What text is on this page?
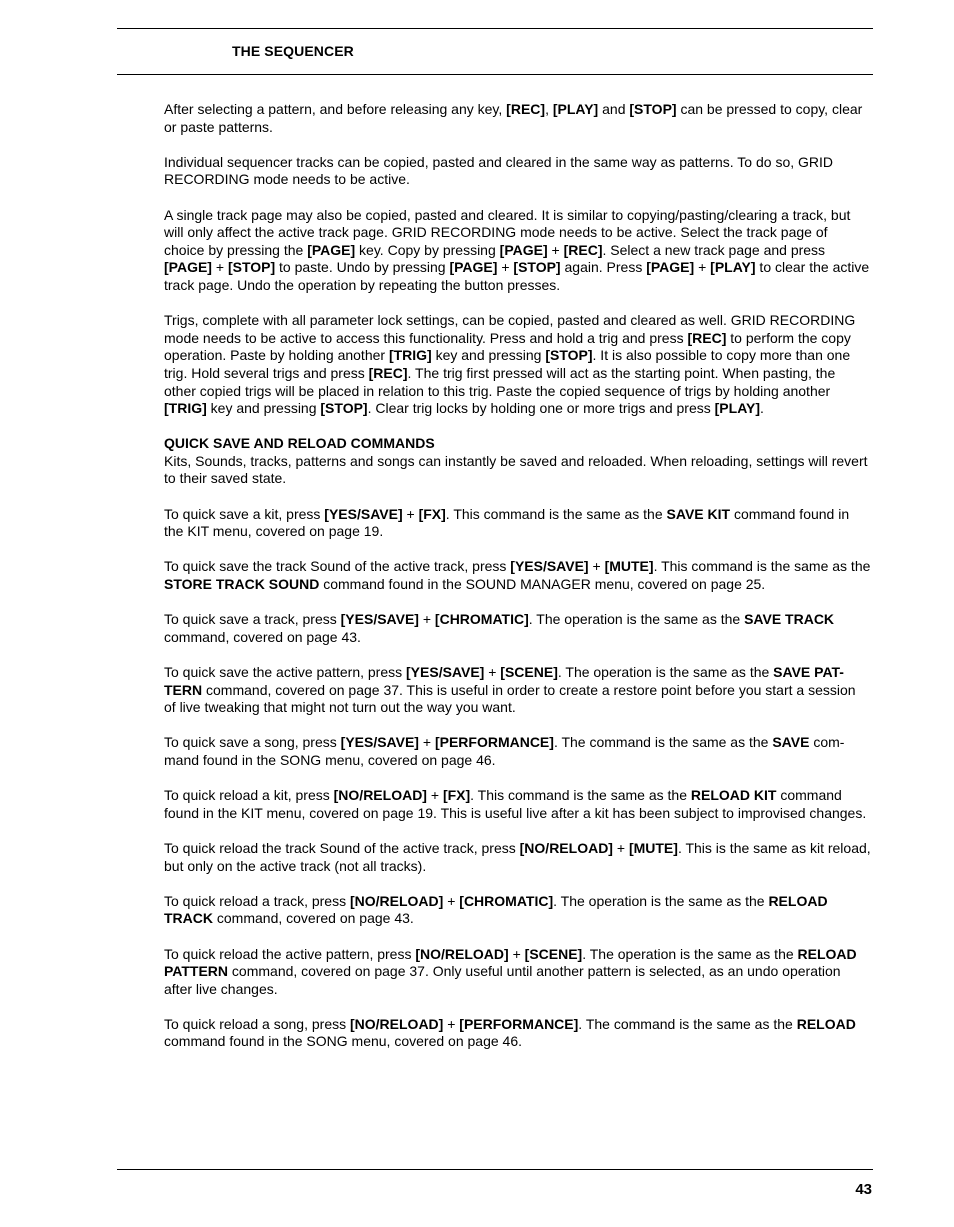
THE SEQUENCER

After selecting a pattern, and before releasing any key, [REC], [PLAY] and [STOP] can be pressed to copy, clear or paste patterns.

Individual sequencer tracks can be copied, pasted and cleared in the same way as patterns. To do so, GRID RECORDING mode needs to be active.

A single track page may also be copied, pasted and cleared. It is similar to copying/pasting/clearing a track, but will only affect the active track page. GRID RECORDING mode needs to be active. Select the track page of choice by pressing the [PAGE] key. Copy by pressing [PAGE] + [REC]. Select a new track page and press [PAGE] + [STOP] to paste. Undo by pressing [PAGE] + [STOP] again. Press [PAGE] + [PLAY] to clear the active track page. Undo the operation by repeating the button presses.

Trigs, complete with all parameter lock settings, can be copied, pasted and cleared as well. GRID RECORDING mode needs to be active to access this functionality. Press and hold a trig and press [REC] to perform the copy operation. Paste by holding another [TRIG] key and pressing [STOP]. It is also possible to copy more than one trig. Hold several trigs and press [REC]. The trig first pressed will act as the starting point. When pasting, the other copied trigs will be placed in relation to this trig. Paste the copied sequence of trigs by holding another [TRIG] key and pressing [STOP]. Clear trig locks by holding one or more trigs and press [PLAY].

QUICK SAVE AND RELOAD COMMANDS

Kits, Sounds, tracks, patterns and songs can instantly be saved and reloaded. When reloading, settings will revert to their saved state.

To quick save a kit, press [YES/SAVE] + [FX]. This command is the same as the SAVE KIT command found in the KIT menu, covered on page 19.

To quick save the track Sound of the active track, press [YES/SAVE] + [MUTE]. This command is the same as the STORE TRACK SOUND command found in the SOUND MANAGER menu, covered on page 25.

To quick save a track, press [YES/SAVE] + [CHROMATIC]. The operation is the same as the SAVE TRACK command, covered on page 43.

To quick save the active pattern, press [YES/SAVE] + [SCENE]. The operation is the same as the SAVE PAT-TERN command, covered on page 37. This is useful in order to create a restore point before you start a session of live tweaking that might not turn out the way you want.

To quick save a song, press [YES/SAVE] + [PERFORMANCE]. The command is the same as the SAVE com-mand found in the SONG menu, covered on page 46.

To quick reload a kit, press [NO/RELOAD] + [FX]. This command is the same as the RELOAD KIT command found in the KIT menu, covered on page 19. This is useful live after a kit has been subject to improvised changes.

To quick reload the track Sound of the active track, press [NO/RELOAD] + [MUTE]. This is the same as kit reload, but only on the active track (not all tracks).

To quick reload a track, press [NO/RELOAD] + [CHROMATIC]. The operation is the same as the RELOAD TRACK command, covered on page 43.

To quick reload the active pattern, press [NO/RELOAD] + [SCENE]. The operation is the same as the RELOAD PATTERN command, covered on page 37. Only useful until another pattern is selected, as an undo operation after live changes.

To quick reload a song, press [NO/RELOAD] + [PERFORMANCE]. The command is the same as the RELOAD command found in the SONG menu, covered on page 46.

43
